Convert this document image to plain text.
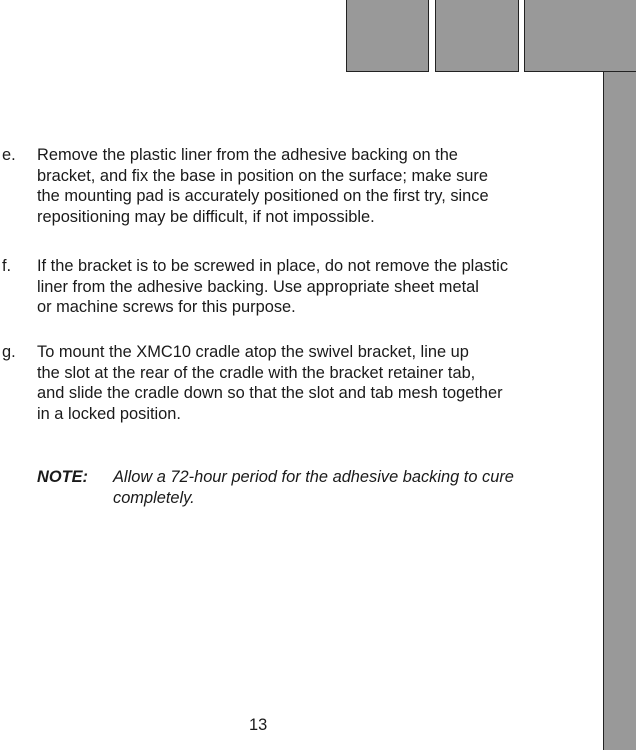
e. Remove the plastic liner from the adhesive backing on the
bracket, and fix the base in position on the surface; make sure
the mounting pad is accurately positioned on the first try, since
repositioning may be difficult, if not impossible.
f. If the bracket is to be screwed in place, do not remove the plastic
liner from the adhesive backing. Use appropriate sheet metal
or machine screws for this purpose.
g. To mount the XMC10 cradle atop the swivel bracket, line up
the slot at the rear of the cradle with the bracket retainer tab,
and slide the cradle down so that the slot and tab mesh together
in a locked position.
NOTE: Allow a 72-hour period for the adhesive backing to cure
completely.
13
